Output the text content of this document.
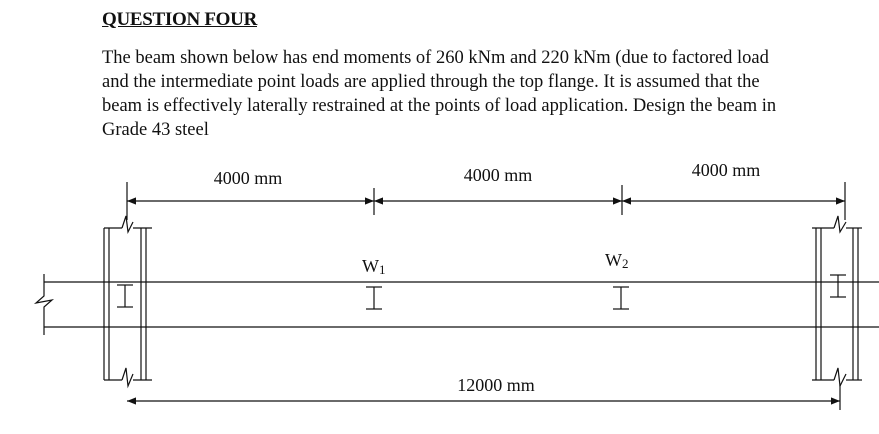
QUESTION FOUR
The beam shown below has end moments of 260 kNm and 220 kNm (due to factored load
and the intermediate point loads are applied through the top flange. It is assumed that the
beam is effectively laterally restrained at the points of load application. Design the beam in
Grade 43 steel
4000 mm	4000 mm	4000 mm
12000 mm
W1	W2
